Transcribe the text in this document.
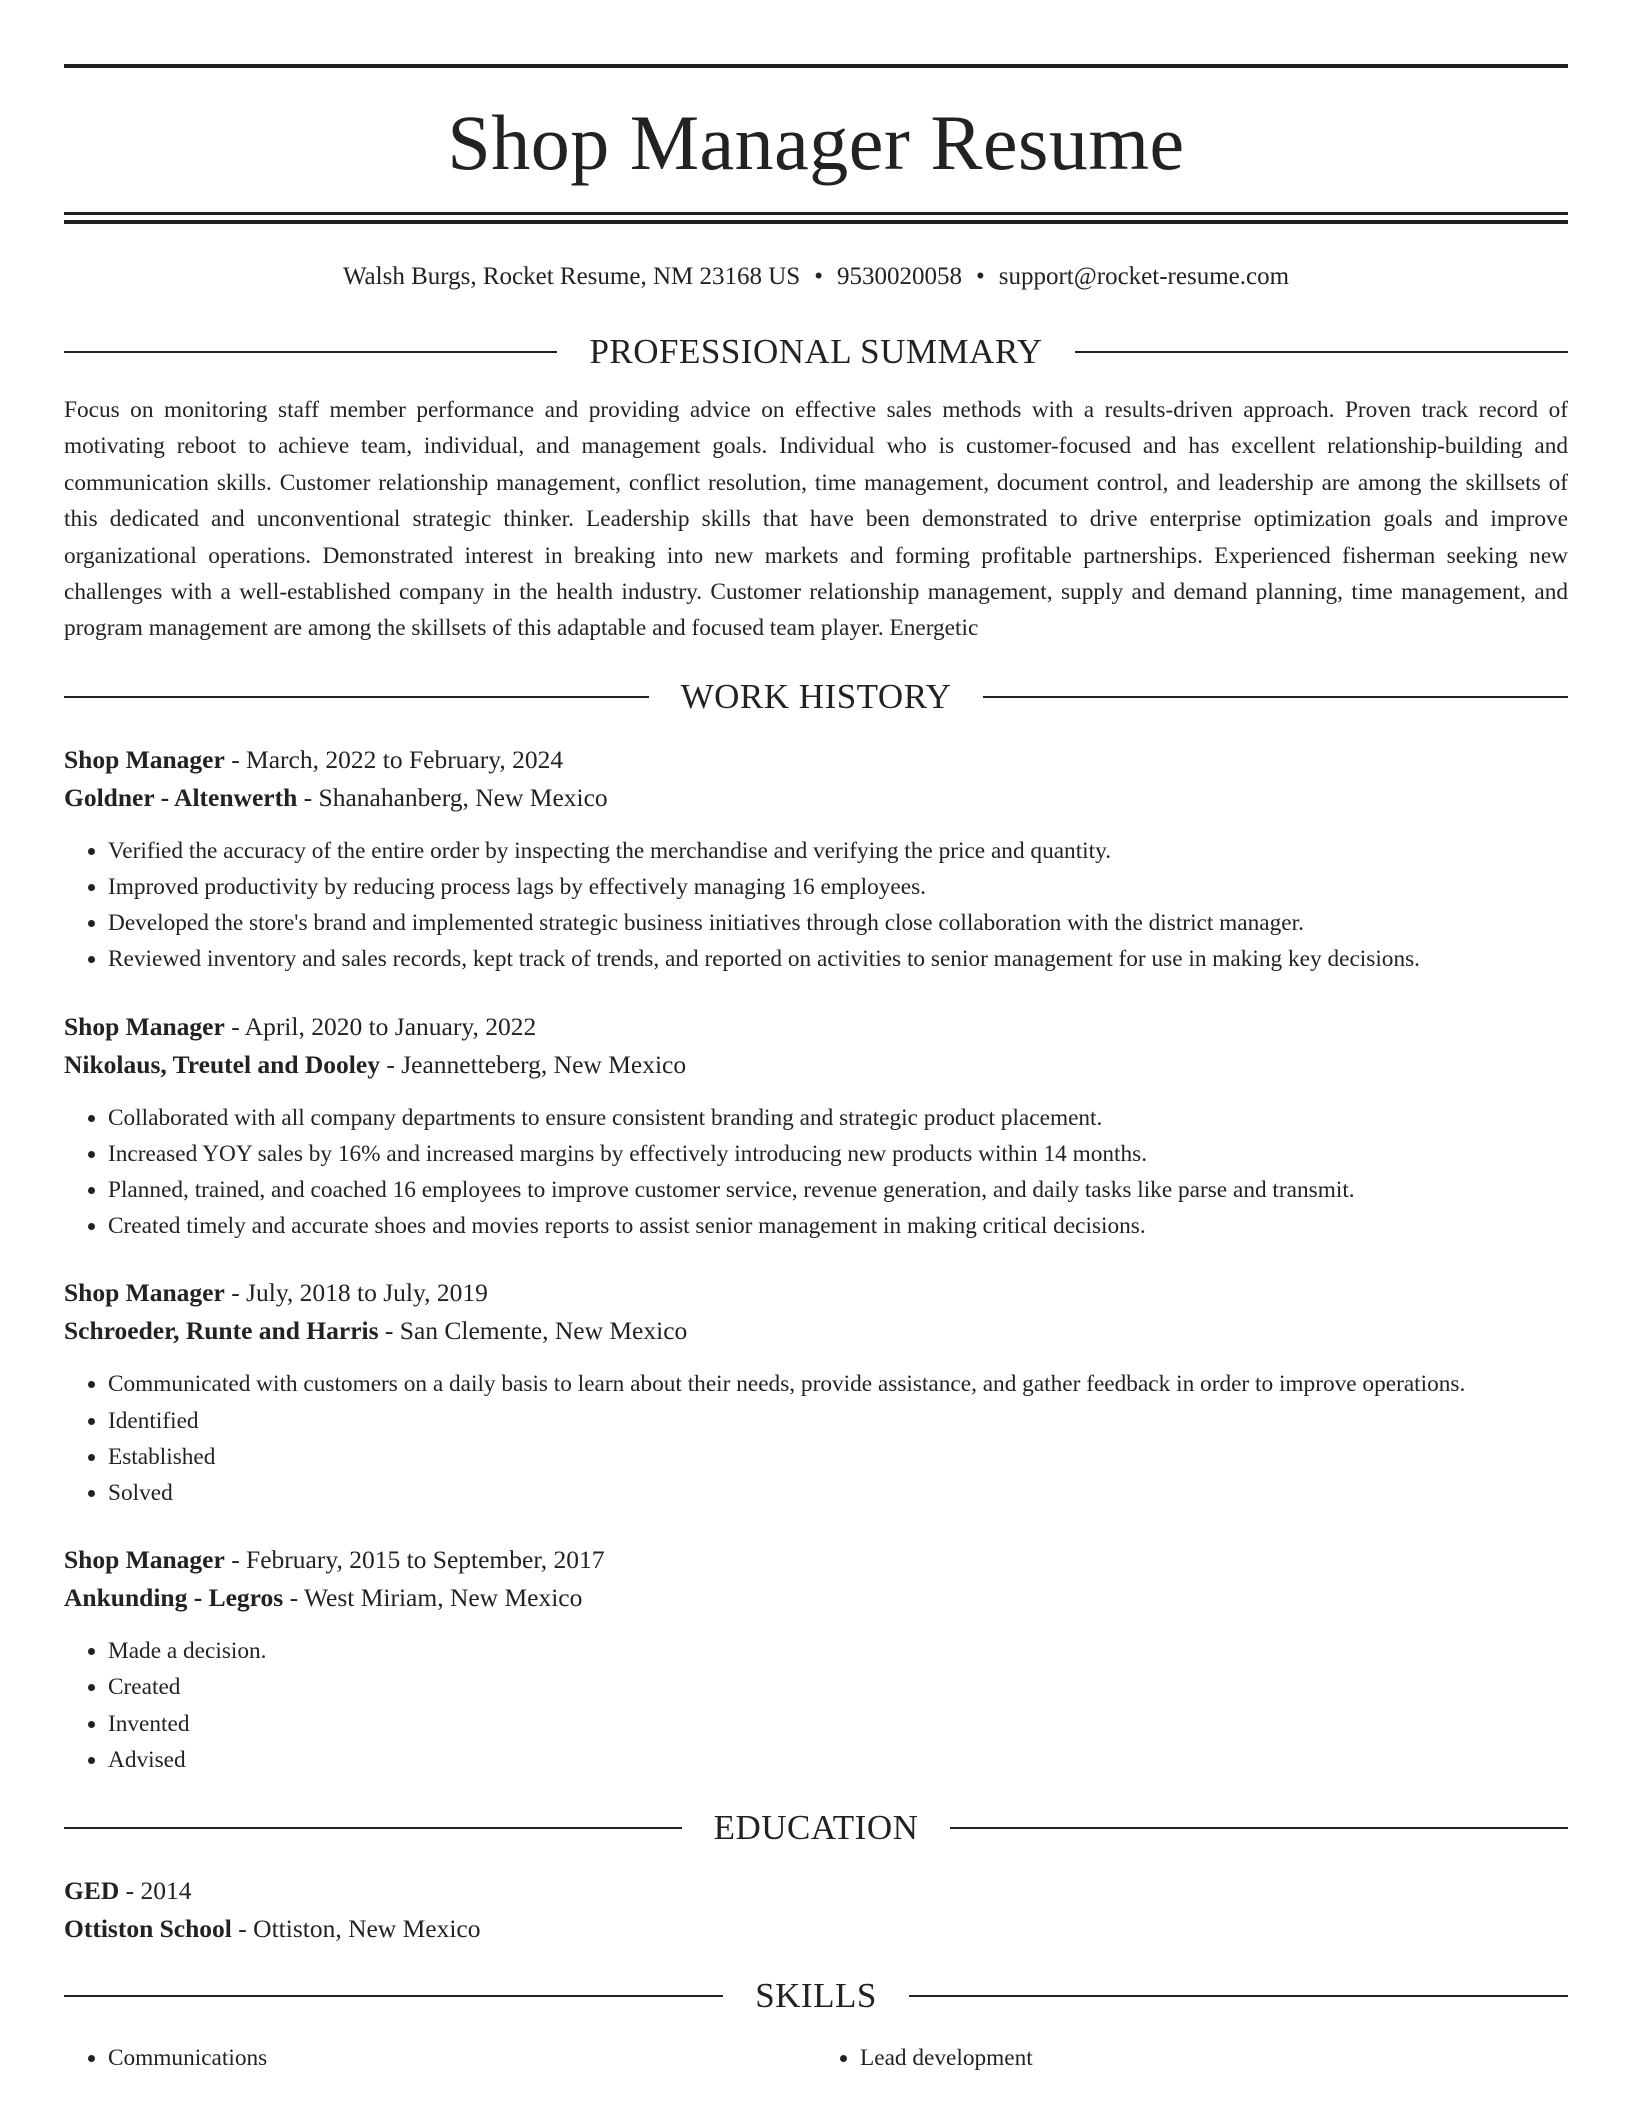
Shop Manager Resume
Walsh Burgs, Rocket Resume, NM 23168 US • 9530020058 • support@rocket-resume.com
PROFESSIONAL SUMMARY
Focus on monitoring staff member performance and providing advice on effective sales methods with a results-driven approach. Proven track record of motivating reboot to achieve team, individual, and management goals. Individual who is customer-focused and has excellent relationship-building and communication skills. Customer relationship management, conflict resolution, time management, document control, and leadership are among the skillsets of this dedicated and unconventional strategic thinker. Leadership skills that have been demonstrated to drive enterprise optimization goals and improve organizational operations. Demonstrated interest in breaking into new markets and forming profitable partnerships. Experienced fisherman seeking new challenges with a well-established company in the health industry. Customer relationship management, supply and demand planning, time management, and program management are among the skillsets of this adaptable and focused team player. Energetic
WORK HISTORY
Shop Manager - March, 2022 to February, 2024
Goldner - Altenwerth - Shanahanberg, New Mexico
• Verified the accuracy of the entire order by inspecting the merchandise and verifying the price and quantity.
• Improved productivity by reducing process lags by effectively managing 16 employees.
• Developed the store's brand and implemented strategic business initiatives through close collaboration with the district manager.
• Reviewed inventory and sales records, kept track of trends, and reported on activities to senior management for use in making key decisions.
Shop Manager - April, 2020 to January, 2022
Nikolaus, Treutel and Dooley - Jeannetteberg, New Mexico
• Collaborated with all company departments to ensure consistent branding and strategic product placement.
• Increased YOY sales by 16% and increased margins by effectively introducing new products within 14 months.
• Planned, trained, and coached 16 employees to improve customer service, revenue generation, and daily tasks like parse and transmit.
• Created timely and accurate shoes and movies reports to assist senior management in making critical decisions.
Shop Manager - July, 2018 to July, 2019
Schroeder, Runte and Harris - San Clemente, New Mexico
• Communicated with customers on a daily basis to learn about their needs, provide assistance, and gather feedback in order to improve operations.
• Identified
• Established
• Solved
Shop Manager - February, 2015 to September, 2017
Ankunding - Legros - West Miriam, New Mexico
• Made a decision.
• Created
• Invented
• Advised
EDUCATION
GED - 2014
Ottiston School - Ottiston, New Mexico
SKILLS
• Communications
•	Lead development
